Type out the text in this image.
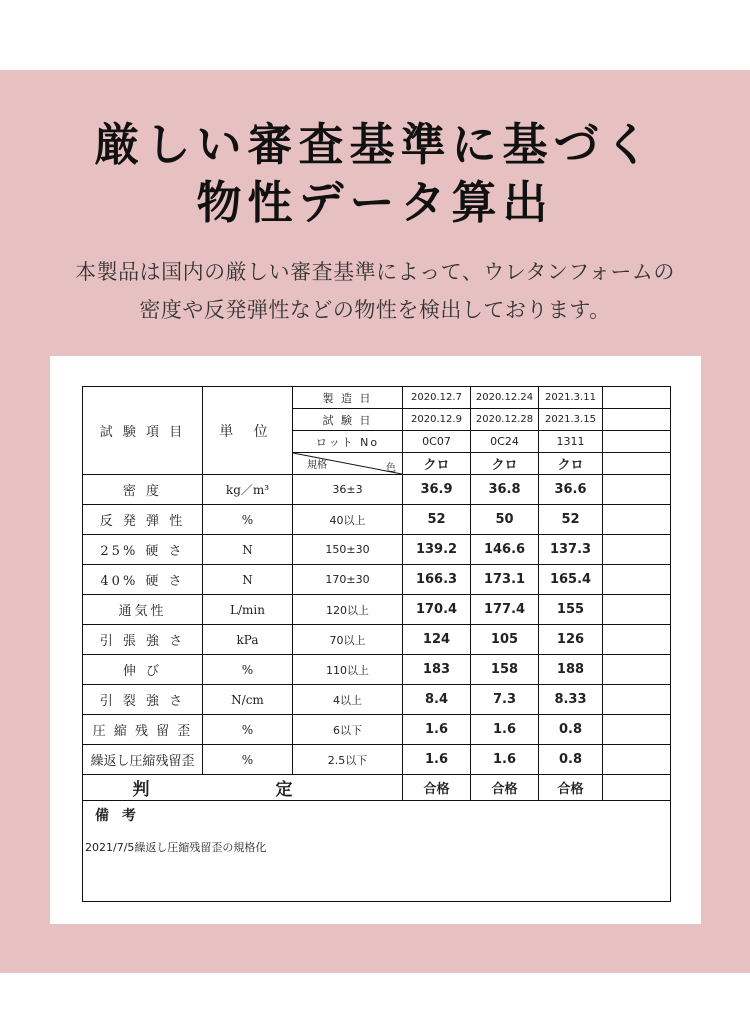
厳しい審査基準に基づく
物性データ算出
本製品は国内の厳しい審査基準によって、ウレタンフォームの
密度や反発弾性などの物性を検出しております。
試 験 項 目	単 位	製 造 日	2020.12.7	2020.12.24	2021.3.11	
		試 験 日	2020.12.9	2020.12.28	2021.3.15	
		ロット No	0C07	0C24	1311	

		規格 色	クロ	クロ	クロ	
密 度	kg／m³	36±3	36.9	36.8	36.6	
反 発 弾 性	%	40以上	52	50	52	
25% 硬 さ	N	150±30	139.2	146.6	137.3	
40% 硬 さ	N	170±30	166.3	173.1	165.4	
通気性	L/min	120以上	170.4	177.4	155	
引 張 強 さ	kPa	70以上	124	105	126	
伸 び	%	110以上	183	158	188	
引 裂 強 さ	N/cm	4以上	8.4	7.3	8.33	
圧 縮 残 留 歪	%	6以下	1.6	1.6	0.8	
繰返し圧縮残留歪	%	2.5以下	1.6	1.6	0.8	
判 定			合格	合格	合格	

備 考
2021/7/5繰返し圧縮残留歪の規格化						
